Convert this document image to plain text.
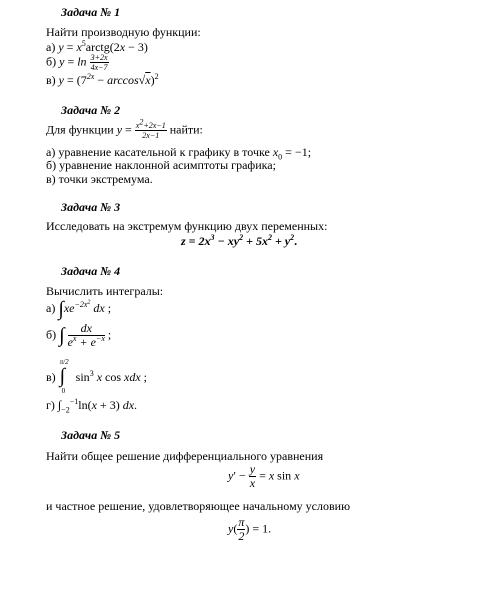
Задача № 1
Найти производную функции:
а) $y = x^5arctg(2x - 3)$
б) $y = \ln \frac{3+2x}{4x-7}$
в) $y = (7^{2x} - \arccos√x)^2$
Задача № 2
Для функции $y = \frac{x^2+2x-1}{2x-1}$ найти:
а) уравнение касательной к графику в точке $x_0 = -1$;
б) уравнение наклонной асимптоты графика;
в) точки экстремума.
Задача № 3
Исследовать на экстремум функцию двух переменных:
$z = 2x^3 - xy^2 + 5x^2 + y^2$.
Задача № 4
Вычислить интегралы:
а) $\int xe^{-2x^2}$ dx ;
б) ∫ $\frac{dx}{e^x + e^{-x}}$ ;
в)
π/2
∫
0
$\sin^3 x$ cos xdx ;
г) $\int_{-2}^{-1}\ln(x + 3)$ dx.
Задача № 5
Найти общее решение дифференциального уравнения
$y' - \frac{y}{x} = x$ sin x
и частное решение, удовлетворяющее начальному условию
$y( \frac{\pi}{2}$ ) = 1.
